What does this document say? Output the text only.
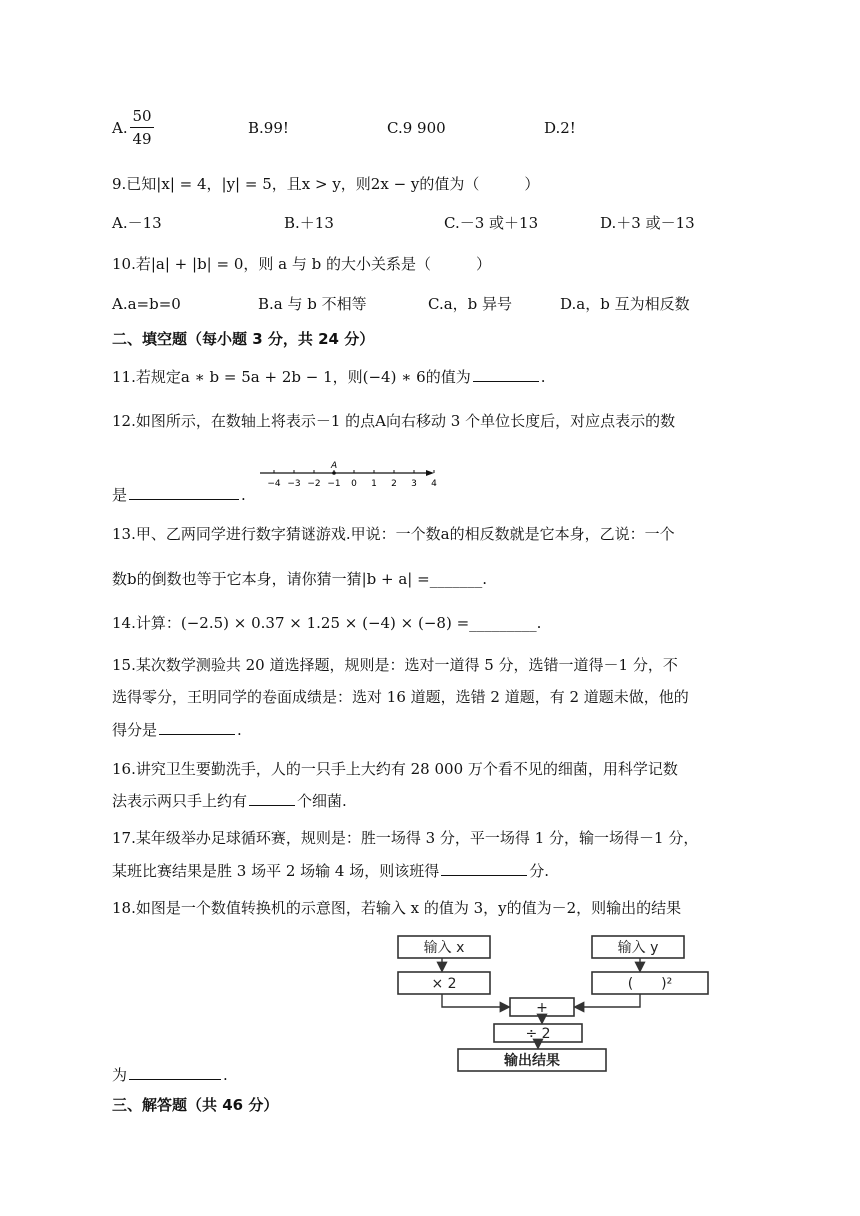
A.
50
49
B.99!	C.9 900	D.2!
9.已知|x| = 4，|y| = 5，且x > y，则2x − y的值为（　　　）
A.－13	B.＋13	C.－3 或＋13	D.＋3 或－13
10.若|a| + |b| = 0，则 a 与 b 的大小关系是（　　　）
A.a=b=0	B.a 与 b 不相等	C.a，b 异号	D.a，b 互为相反数
二、填空题（每小题 3 分，共 24 分）
11.若规定a ∗ b = 5a + 2b − 1，则(−4) ∗ 6的值为	.
12.如图所示，在数轴上将表示－1 的点A向右移动 3 个单位长度后，对应点表示的数
是	.
A
−4 −3 −2 −1 0 1 2 3 4
13.甲、乙两同学进行数字猜谜游戏.甲说：一个数a的相反数就是它本身，乙说：一个
数b的倒数也等于它本身，请你猜一猜|b + a| =_______.
14.计算：(−2.5) × 0.37 × 1.25 × (−4) × (−8) =_________.
15.某次数学测验共 20 道选择题，规则是：选对一道得 5 分，选错一道得－1 分，不
选得零分，王明同学的卷面成绩是：选对 16 道题，选错 2 道题，有 2 道题未做，他的
得分是	.
16.讲究卫生要勤洗手，人的一只手上大约有 28 000 万个看不见的细菌，用科学记数
法表示两只手上约有	个细菌.
17.某年级举办足球循环赛，规则是：胜一场得 3 分，平一场得 1 分，输一场得－1 分，
某班比赛结果是胜 3 场平 2 场输 4 场，则该班得	分.
18.如图是一个数值转换机的示意图，若输入 x 的值为 3，y的值为－2，则输出的结果
为	.
输入 x	输入 y
× 2	(　　)²
+
÷ 2
输出结果
三、解答题（共 46 分）
